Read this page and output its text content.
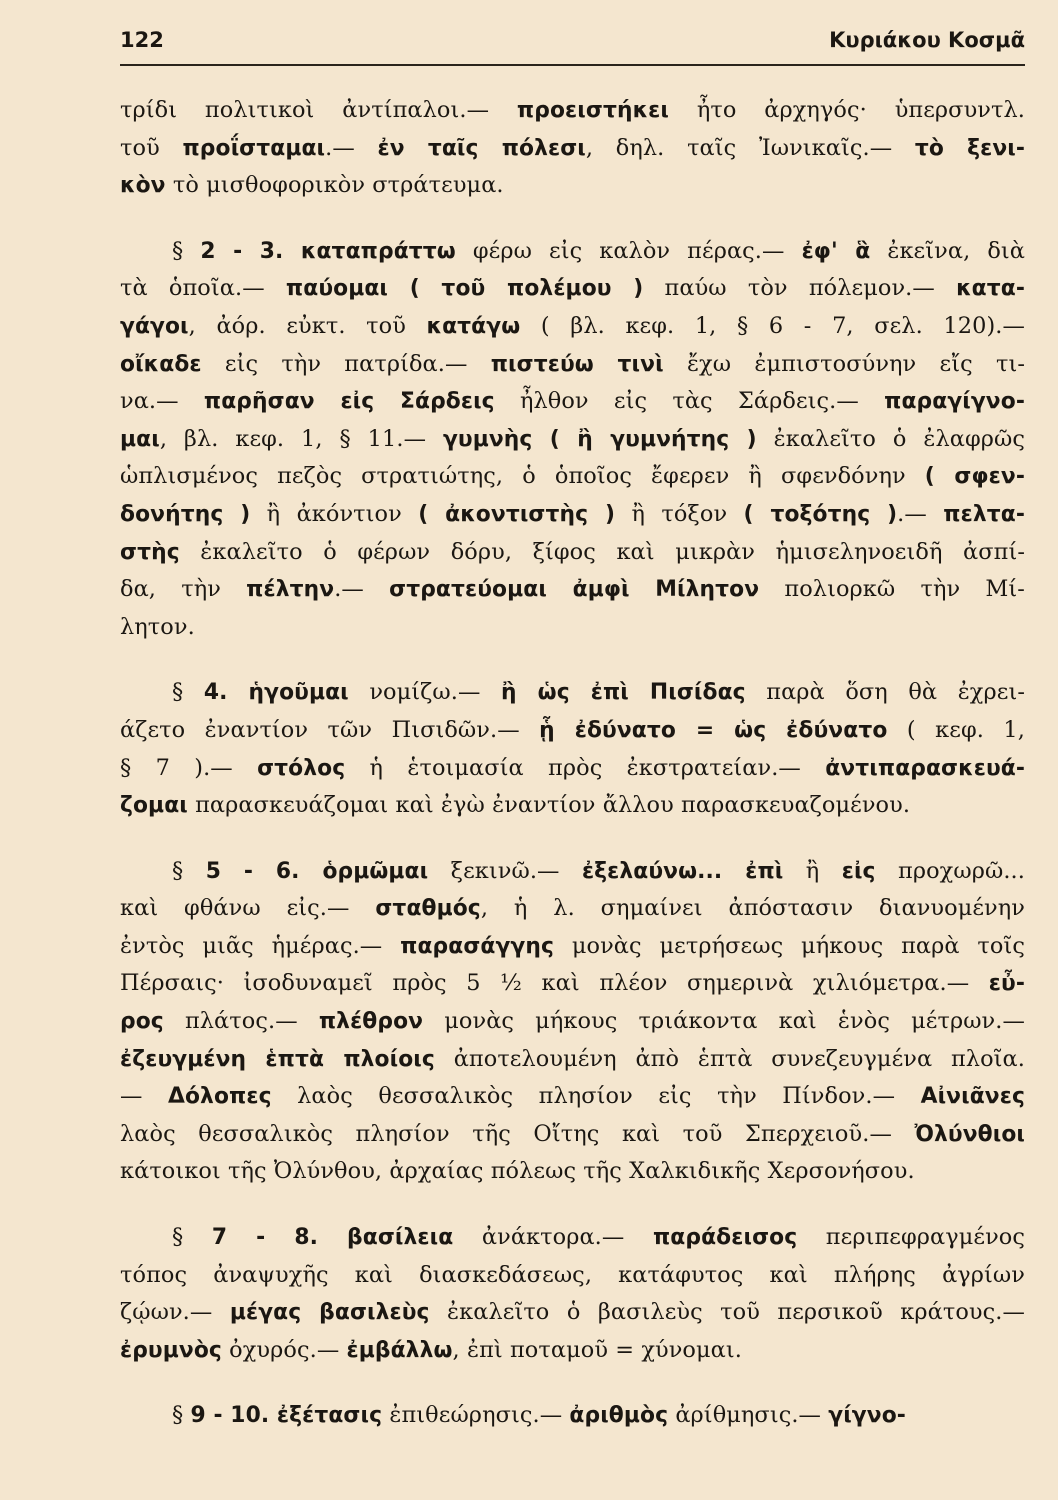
122	Κυριάκου Κοσμᾶ
τρίδι πολιτικοὶ ἀντίπαλοι.— προειστήκει ἦτο ἀρχηγός· ὑπερσυντλ.
τοῦ προΐσταμαι.— ἐν ταῖς πόλεσι, δηλ. ταῖς Ἰωνικαῖς.— τὸ ξενι-
κὸν τὸ μισθοφορικὸν στράτευμα.
§ 2 - 3. καταπράττω φέρω εἰς καλὸν πέρας.— ἐφ' ἃ ἐκεῖνα, διὰ
τὰ ὁποῖα.— παύομαι ( τοῦ πολέμου ) παύω τὸν πόλεμον.— κατα-
γάγοι, ἀόρ. εὐκτ. τοῦ κατάγω ( βλ. κεφ. 1, § 6 - 7, σελ. 120).—
οἴκαδε εἰς τὴν πατρίδα.— πιστεύω τινὶ ἔχω ἐμπιστοσύνην εἴς τι-
να.— παρῆσαν εἰς Σάρδεις ἦλθον εἰς τὰς Σάρδεις.— παραγίγνο-
μαι, βλ. κεφ. 1, § 11.— γυμνὴς ( ἢ γυμνήτης ) ἐκαλεῖτο ὁ ἐλαφρῶς
ὡπλισμένος πεζὸς στρατιώτης, ὁ ὁποῖος ἔφερεν ἢ σφενδόνην ( σφεν-
δονήτης ) ἢ ἀκόντιον ( ἀκοντιστὴς ) ἢ τόξον ( τοξότης ).— πελτα-
στὴς ἐκαλεῖτο ὁ φέρων δόρυ, ξίφος καὶ μικρὰν ἡμισεληνοειδῆ ἀσπί-
δα, τὴν πέλτην.— στρατεύομαι ἀμφὶ Μίλητον πολιορκῶ τὴν Μί-
λητον.
§ 4. ἡγοῦμαι νομίζω.— ἢ ὡς ἐπὶ Πισίδας παρὰ ὅση θὰ ἐχρει-
άζετο ἐναντίον τῶν Πισιδῶν.— ᾗ ἐδύνατο = ὡς ἐδύνατο ( κεφ. 1,
§ 7 ).— στόλος ἡ ἑτοιμασία πρὸς ἐκστρατείαν.— ἀντιπαρασκευά-
ζομαι παρασκευάζομαι καὶ ἐγὼ ἐναντίον ἄλλου παρασκευαζομένου.
§ 5 - 6. ὁρμῶμαι ξεκινῶ.— ἐξελαύνω... ἐπὶ ἢ εἰς προχωρῶ...
καὶ φθάνω εἰς.— σταθμός, ἡ λ. σημαίνει ἀπόστασιν διανυομένην
ἐντὸς μιᾶς ἡμέρας.— παρασάγγης μονὰς μετρήσεως μήκους παρὰ τοῖς
Πέρσαις· ἰσοδυναμεῖ πρὸς 5 ½ καὶ πλέον σημερινὰ χιλιόμετρα.— εὖ-
ρος πλάτος.— πλέθρον μονὰς μήκους τριάκοντα καὶ ἑνὸς μέτρων.—
ἐζευγμένη ἑπτὰ πλοίοις ἀποτελουμένη ἀπὸ ἑπτὰ συνεζευγμένα πλοῖα.
— Δόλοπες λαὸς θεσσαλικὸς πλησίον εἰς τὴν Πίνδον.— Αἰνιᾶνες
λαὸς θεσσαλικὸς πλησίον τῆς Οἴτης καὶ τοῦ Σπερχειοῦ.— Ὀλύνθιοι
κάτοικοι τῆς Ὀλύνθου, ἀρχαίας πόλεως τῆς Χαλκιδικῆς Χερσονήσου.
§ 7 - 8. βασίλεια ἀνάκτορα.— παράδεισος περιπεφραγμένος
τόπος ἀναψυχῆς καὶ διασκεδάσεως, κατάφυτος καὶ πλήρης ἀγρίων
ζῴων.— μέγας βασιλεὺς ἐκαλεῖτο ὁ βασιλεὺς τοῦ περσικοῦ κράτους.—
ἐρυμνὸς ὀχυρός.— ἐμβάλλω, ἐπὶ ποταμοῦ = χύνομαι.
§ 9 - 10. ἐξέτασις ἐπιθεώρησις.— ἀριθμὸς ἀρίθμησις.— γίγνο-
